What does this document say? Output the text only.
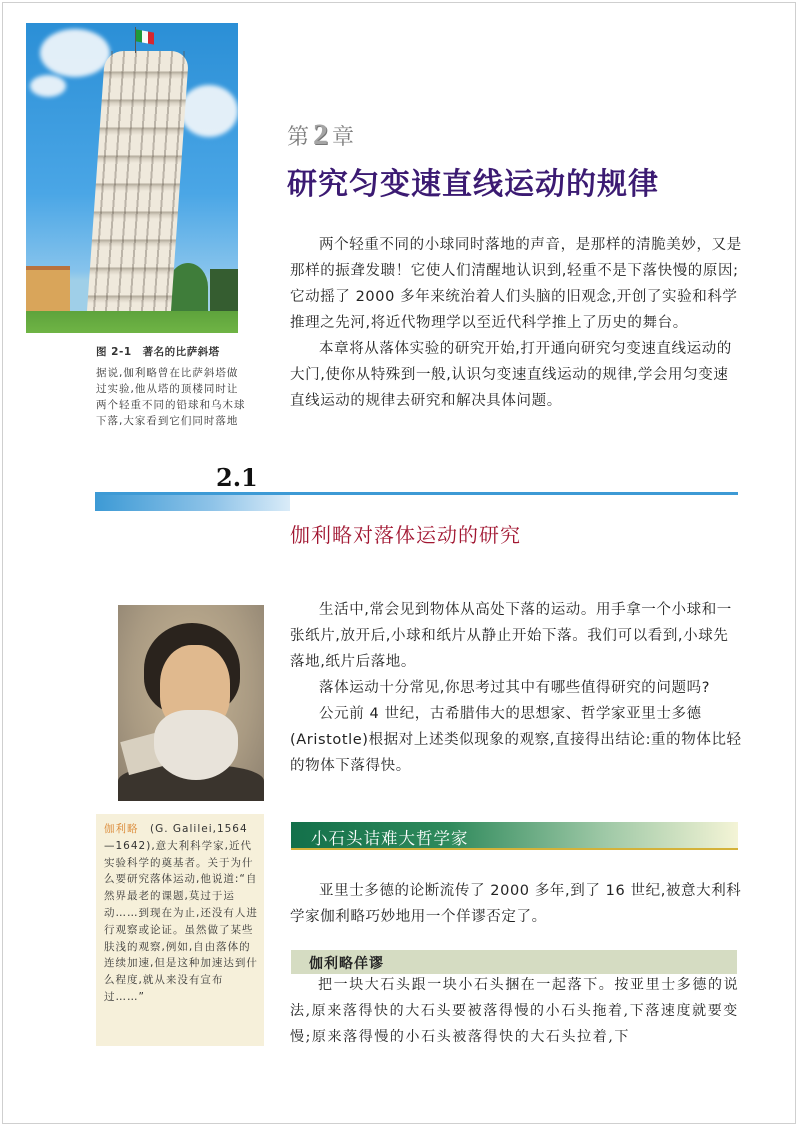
图 2-1　著名的比萨斜塔
据说,伽利略曾在比萨斜塔做过实验,他从塔的顶楼同时让两个轻重不同的铅球和乌木球下落,大家看到它们同时落地
第 2 章
研究匀变速直线运动的规律

两个轻重不同的小球同时落地的声音，是那样的清脆美妙，又是那样的振聋发聩！它使人们清醒地认识到,轻重不是下落快慢的原因;它动摇了 2000 多年来统治着人们头脑的旧观念,开创了实验和科学推理之先河,将近代物理学以至近代科学推上了历史的舞台。

本章将从落体实验的研究开始,打开通向研究匀变速直线运动的大门,使你从特殊到一般,认识匀变速直线运动的规律,学会用匀变速直线运动的规律去研究和解决具体问题。

2.1
伽利略对落体运动的研究

生活中,常会见到物体从高处下落的运动。用手拿一个小球和一张纸片,放开后,小球和纸片从静止开始下落。我们可以看到,小球先落地,纸片后落地。

落体运动十分常见,你思考过其中有哪些值得研究的问题吗?

公元前 4 世纪，古希腊伟大的思想家、哲学家亚里士多德(Aristotle)根据对上述类似现象的观察,直接得出结论:重的物体比轻的物体下落得快。

伽利略　(G. Galilei,1564—1642),意大利科学家,近代实验科学的奠基者。关于为什么要研究落体运动,他说道:“自然界最老的课题,莫过于运动……到现在为止,还没有人进行观察或论证。虽然做了某些肤浅的观察,例如,自由落体的连续加速,但是这种加速达到什么程度,就从来没有宣布过……”
小石头诘难大哲学家

亚里士多德的论断流传了 2000 多年,到了 16 世纪,被意大利科学家伽利略巧妙地用一个佯谬否定了。

伽利略佯谬

把一块大石头跟一块小石头捆在一起落下。按亚里士多德的说法,原来落得快的大石头要被落得慢的小石头拖着,下落速度就要变慢;原来落得慢的小石头被落得快的大石头拉着,下
